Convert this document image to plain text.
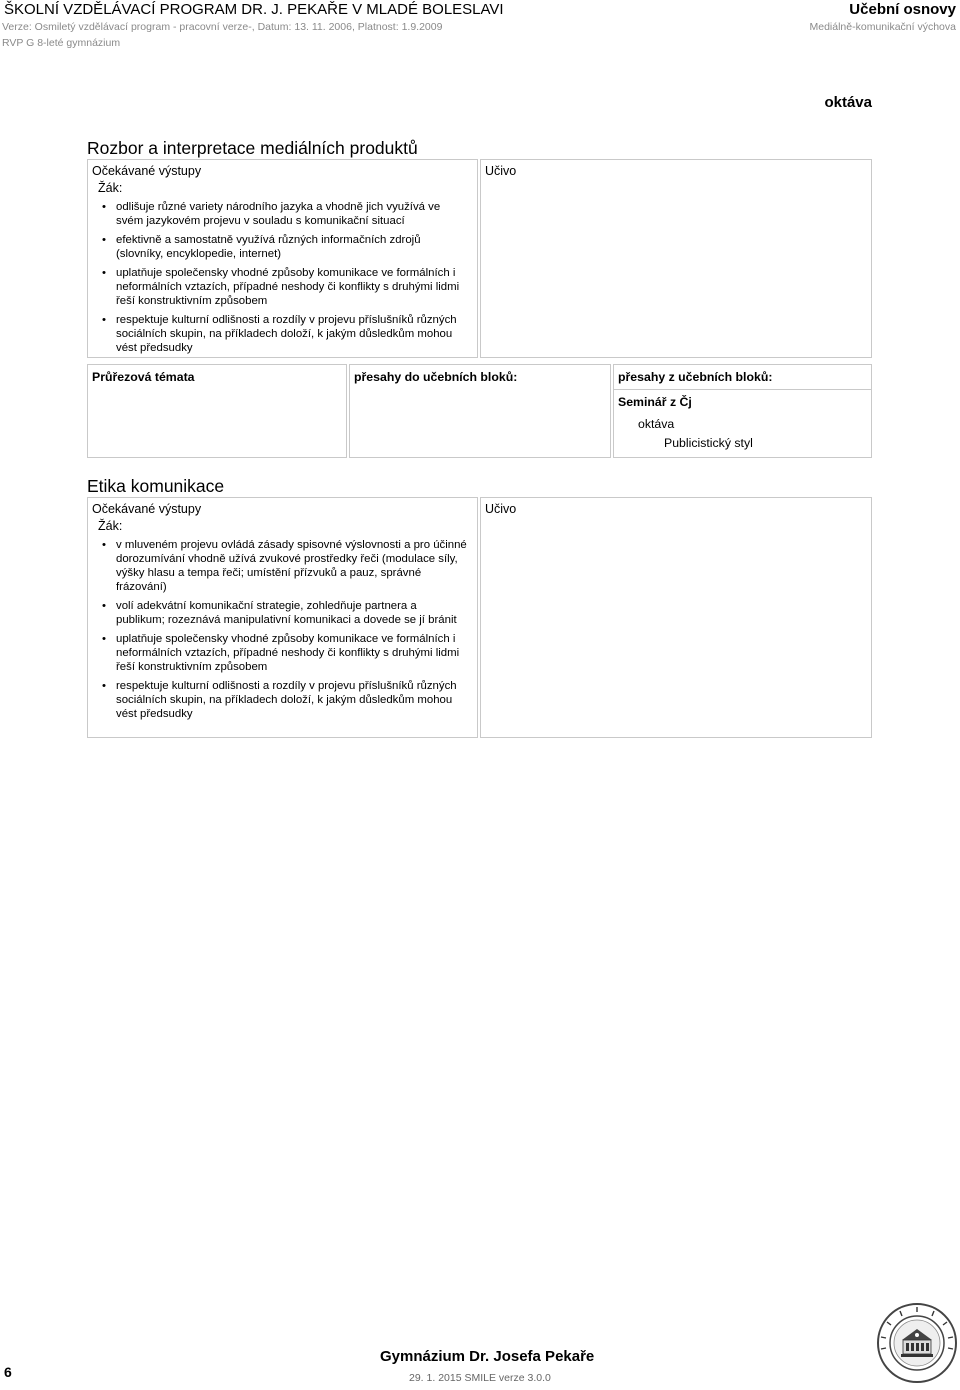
ŠKOLNÍ VZDĚLÁVACÍ PROGRAM DR. J. PEKAŘE V MLADÉ BOLESLAVI	Učební osnovy
Verze: Osmiletý vzdělávací program - pracovní verze-, Datum: 13. 11. 2006, Platnost: 1.9.2009	Mediálně-komunikační výchova
RVP G 8-leté gymnázium
oktáva
Rozbor a interpretace mediálních produktů
Očekávané výstupy
Žák:
• odlišuje různé variety národního jazyka a vhodně jich využívá ve svém jazykovém projevu v souladu s komunikační situací
• efektivně a samostatně využívá různých informačních zdrojů (slovníky, encyklopedie, internet)
• uplatňuje společensky vhodné způsoby komunikace ve formálních i neformálních vztazích, případné neshody či konflikty s druhými lidmi řeší konstruktivním způsobem
• respektuje kulturní odlišnosti a rozdíly v projevu příslušníků různých sociálních skupin, na příkladech doloží, k jakým důsledkům mohou vést předsudky
Učivo
Průřezová témata	přesahy do učebních bloků:	přesahy z učebních bloků:
Seminář z Čj
oktáva
Publicistický styl
Etika komunikace
Očekávané výstupy
Žák:
• v mluveném projevu ovládá zásady spisovné výslovnosti a pro účinné dorozumívání vhodně užívá zvukové prostředky řeči (modulace síly, výšky hlasu a tempa řeči; umístění přízvuků a pauz, správné frázování)
• volí adekvátní komunikační strategie, zohledňuje partnera a publikum; rozeznává manipulativní komunikaci a dovede se jí bránit
• uplatňuje společensky vhodné způsoby komunikace ve formálních i neformálních vztazích, případné neshody či konflikty s druhými lidmi řeší konstruktivním způsobem
• respektuje kulturní odlišnosti a rozdíly v projevu příslušníků různých sociálních skupin, na příkladech doloží, k jakým důsledkům mohou vést předsudky
Učivo
6
Gymnázium Dr. Josefa Pekaře
29. 1. 2015 SMILE verze 3.0.0
